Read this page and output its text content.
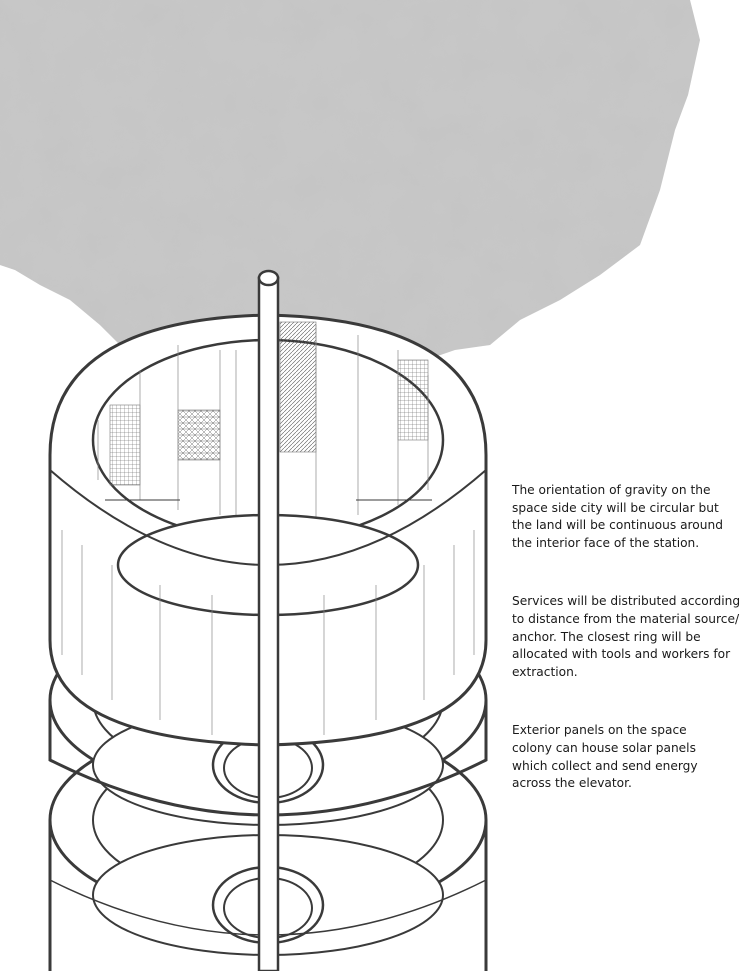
The orientation of gravity on the
space side city will be circular but
the land will be continuous around
the interior face of the station.

Services will be distributed according
to distance from the material source/
anchor. The closest ring will be
allocated with tools and workers for
extraction.

Exterior panels on the space
colony can house solar panels
which collect and send energy
across the elevator.
